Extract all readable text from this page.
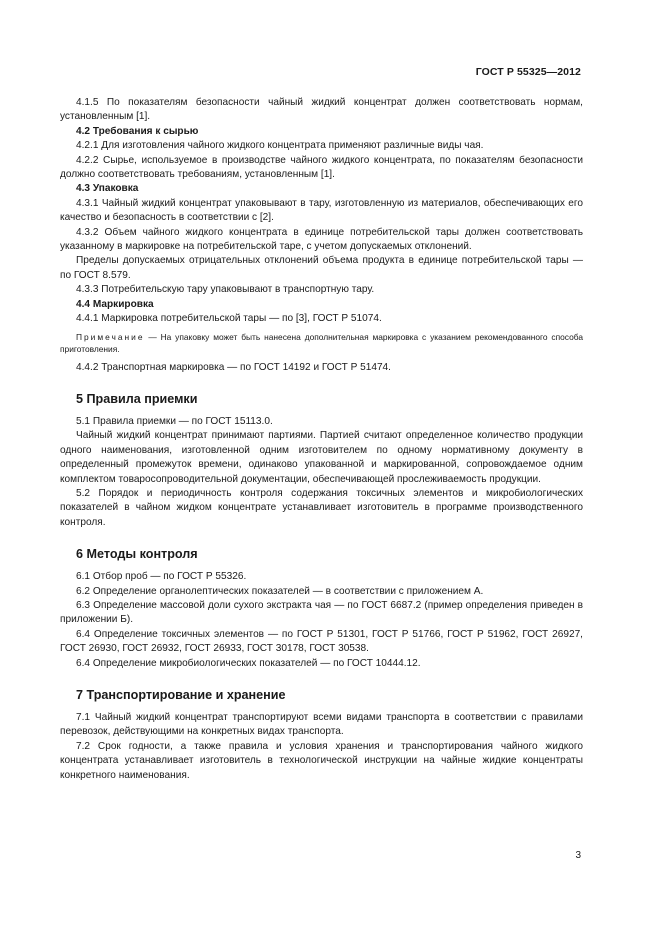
ГОСТ Р 55325—2012

4.1.5 По показателям безопасности чайный жидкий концентрат должен соответствовать нормам, установленным [1].

4.2 Требования к сырью

4.2.1 Для изготовления чайного жидкого концентрата применяют различные виды чая.

4.2.2 Сырье, используемое в производстве чайного жидкого концентрата, по показателям безопасности должно соответствовать требованиям, установленным [1].

4.3 Упаковка

4.3.1 Чайный жидкий концентрат упаковывают в тару, изготовленную из материалов, обеспечивающих его качество и безопасность в соответствии с [2].

4.3.2 Объем чайного жидкого концентрата в единице потребительской тары должен соответствовать указанному в маркировке на потребительской таре, с учетом допускаемых отклонений.

Пределы допускаемых отрицательных отклонений объема продукта в единице потребительской тары — по ГОСТ 8.579.

4.3.3 Потребительскую тару упаковывают в транспортную тару.

4.4 Маркировка

4.4.1 Маркировка потребительской тары — по [3], ГОСТ Р 51074.

Примечание — На упаковку может быть нанесена дополнительная маркировка с указанием рекомендованного способа приготовления.

4.4.2 Транспортная маркировка — по ГОСТ 14192 и ГОСТ Р 51474.

5 Правила приемки

5.1 Правила приемки — по ГОСТ 15113.0.

Чайный жидкий концентрат принимают партиями. Партией считают определенное количество продукции одного наименования, изготовленной одним изготовителем по одному нормативному документу в определенный промежуток времени, одинаково упакованной и маркированной, сопровождаемое одним комплектом товаросопроводительной документации, обеспечивающей прослеживаемость продукции.

5.2 Порядок и периодичность контроля содержания токсичных элементов и микробиологических показателей в чайном жидком концентрате устанавливает изготовитель в программе производственного контроля.

6 Методы контроля

6.1 Отбор проб — по ГОСТ Р 55326.

6.2 Определение органолептических показателей — в соответствии с приложением А.

6.3 Определение массовой доли сухого экстракта чая — по ГОСТ 6687.2 (пример определения приведен в приложении Б).

6.4 Определение токсичных элементов — по ГОСТ Р 51301, ГОСТ Р 51766, ГОСТ Р 51962, ГОСТ 26927, ГОСТ 26930, ГОСТ 26932, ГОСТ 26933, ГОСТ 30178, ГОСТ 30538.

6.4 Определение микробиологических показателей — по ГОСТ 10444.12.

7 Транспортирование и хранение

7.1 Чайный жидкий концентрат транспортируют всеми видами транспорта в соответствии с правилами перевозок, действующими на конкретных видах транспорта.

7.2 Срок годности, а также правила и условия хранения и транспортирования чайного жидкого концентрата устанавливает изготовитель в технологической инструкции на чайные жидкие концентраты конкретного наименования.

3
